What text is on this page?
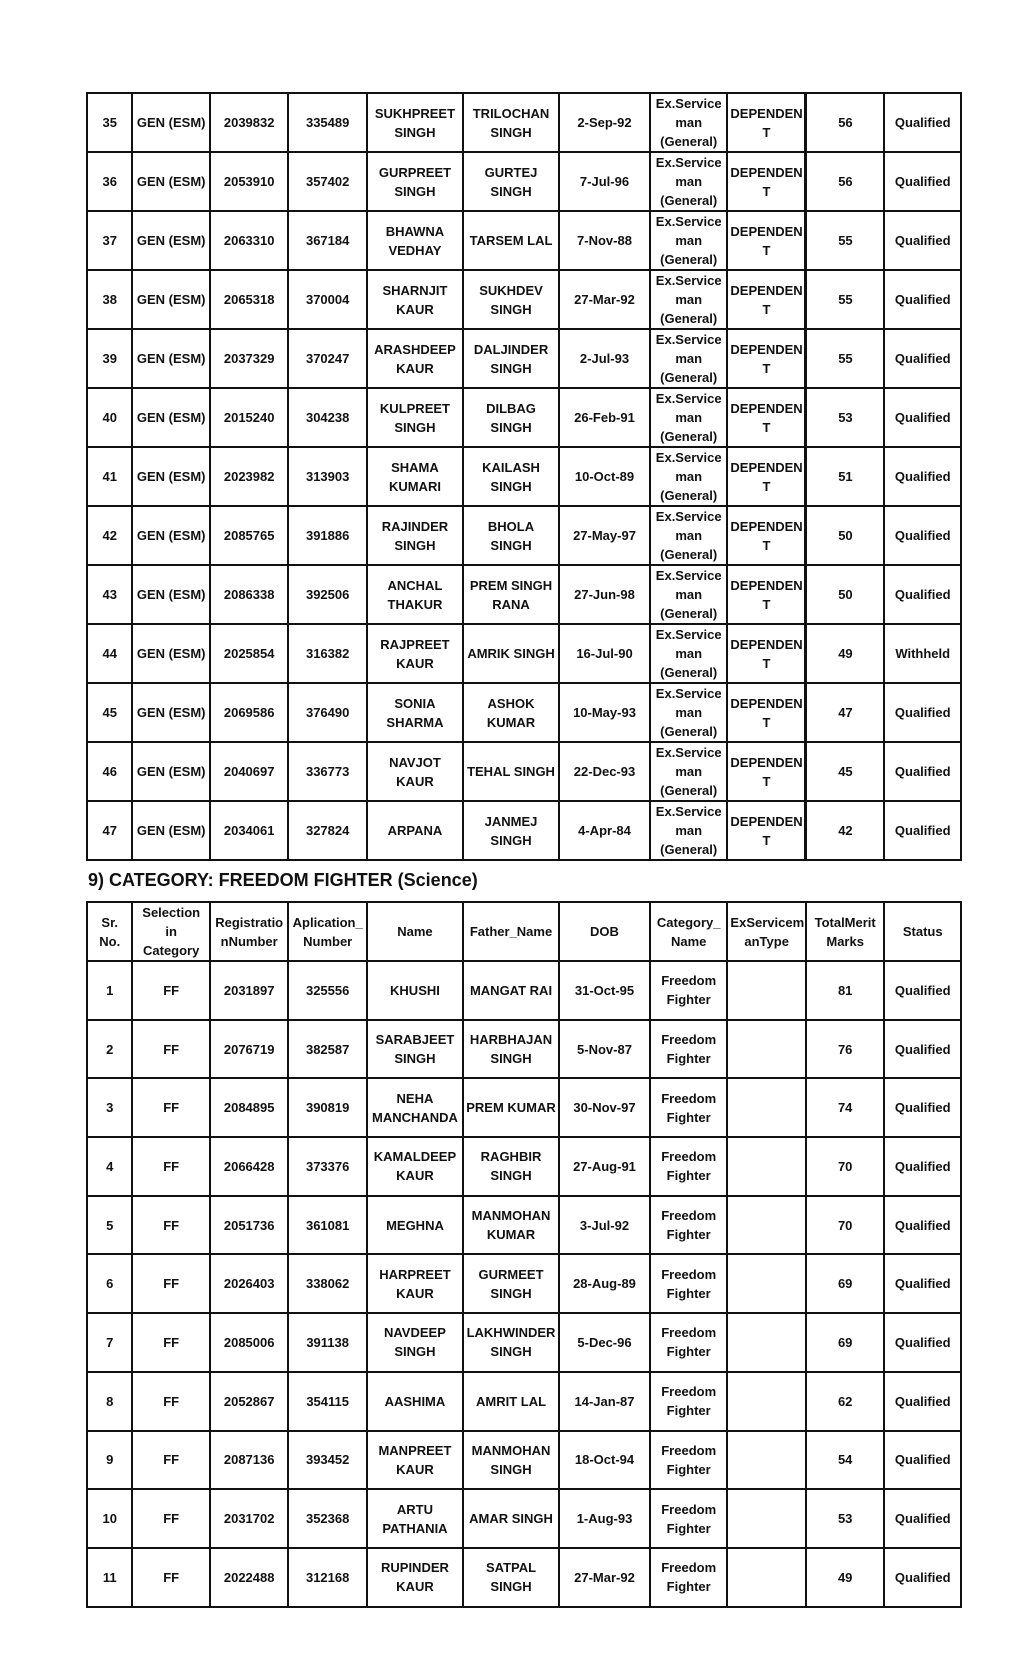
35	GEN (ESM)	2039832	335489	SUKHPREET SINGH	TRILOCHAN SINGH	2-Sep-92	Ex.Service man (General)	DEPENDEN T	56	Qualified
36	GEN (ESM)	2053910	357402	GURPREET SINGH	GURTEJ SINGH	7-Jul-96	Ex.Service man (General)	DEPENDEN T	56	Qualified
37	GEN (ESM)	2063310	367184	BHAWNA VEDHAY	TARSEM LAL	7-Nov-88	Ex.Service man (General)	DEPENDEN T	55	Qualified
38	GEN (ESM)	2065318	370004	SHARNJIT KAUR	SUKHDEV SINGH	27-Mar-92	Ex.Service man (General)	DEPENDEN T	55	Qualified
39	GEN (ESM)	2037329	370247	ARASHDEEP KAUR	DALJINDER SINGH	2-Jul-93	Ex.Service man (General)	DEPENDEN T	55	Qualified
40	GEN (ESM)	2015240	304238	KULPREET SINGH	DILBAG SINGH	26-Feb-91	Ex.Service man (General)	DEPENDEN T	53	Qualified
41	GEN (ESM)	2023982	313903	SHAMA KUMARI	KAILASH SINGH	10-Oct-89	Ex.Service man (General)	DEPENDEN T	51	Qualified
42	GEN (ESM)	2085765	391886	RAJINDER SINGH	BHOLA SINGH	27-May-97	Ex.Service man (General)	DEPENDEN T	50	Qualified
43	GEN (ESM)	2086338	392506	ANCHAL THAKUR	PREM SINGH RANA	27-Jun-98	Ex.Service man (General)	DEPENDEN T	50	Qualified
44	GEN (ESM)	2025854	316382	RAJPREET KAUR	AMRIK SINGH	16-Jul-90	Ex.Service man (General)	DEPENDEN T	49	Withheld
45	GEN (ESM)	2069586	376490	SONIA SHARMA	ASHOK KUMAR	10-May-93	Ex.Service man (General)	DEPENDEN T	47	Qualified
46	GEN (ESM)	2040697	336773	NAVJOT KAUR	TEHAL SINGH	22-Dec-93	Ex.Service man (General)	DEPENDEN T	45	Qualified
47	GEN (ESM)	2034061	327824	ARPANA	JANMEJ SINGH	4-Apr-84	Ex.Service man (General)	DEPENDEN T	42	Qualified
9) CATEGORY: FREEDOM FIGHTER (Science)
Sr. No.	Selection in Category	Registratio nNumber	Aplication_ Number	Name	Father_Name	DOB	Category_ Name	ExServicem anType	TotalMerit Marks	Status
1	FF	2031897	325556	KHUSHI	MANGAT RAI	31-Oct-95	Freedom Fighter		81	Qualified
2	FF	2076719	382587	SARABJEET SINGH	HARBHAJAN SINGH	5-Nov-87	Freedom Fighter		76	Qualified
3	FF	2084895	390819	NEHA MANCHANDA	PREM KUMAR	30-Nov-97	Freedom Fighter		74	Qualified
4	FF	2066428	373376	KAMALDEEP KAUR	RAGHBIR SINGH	27-Aug-91	Freedom Fighter		70	Qualified
5	FF	2051736	361081	MEGHNA	MANMOHAN KUMAR	3-Jul-92	Freedom Fighter		70	Qualified
6	FF	2026403	338062	HARPREET KAUR	GURMEET SINGH	28-Aug-89	Freedom Fighter		69	Qualified
7	FF	2085006	391138	NAVDEEP SINGH	LAKHWINDER SINGH	5-Dec-96	Freedom Fighter		69	Qualified
8	FF	2052867	354115	AASHIMA	AMRIT LAL	14-Jan-87	Freedom Fighter		62	Qualified
9	FF	2087136	393452	MANPREET KAUR	MANMOHAN SINGH	18-Oct-94	Freedom Fighter		54	Qualified
10	FF	2031702	352368	ARTU PATHANIA	AMAR SINGH	1-Aug-93	Freedom Fighter		53	Qualified
11	FF	2022488	312168	RUPINDER KAUR	SATPAL SINGH	27-Mar-92	Freedom Fighter		49	Qualified
